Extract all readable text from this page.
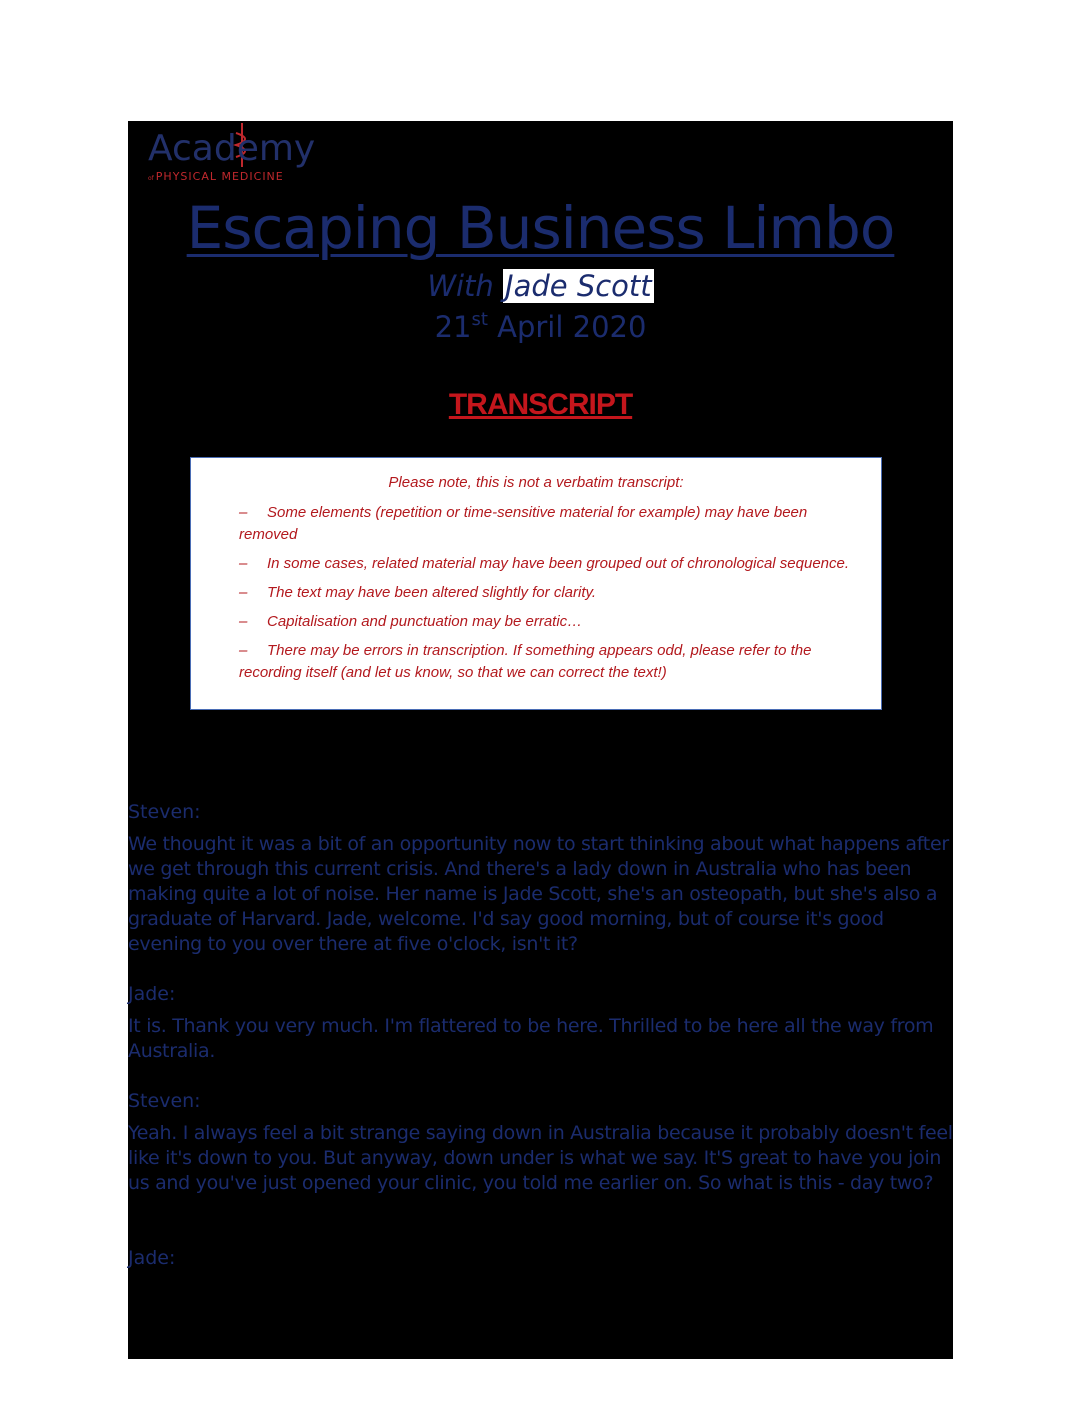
Academy
of PHYSICAL MEDICINE
Escaping Business Limbo
With Jade Scott
21st April 2020
TRANSCRIPT
Please note, this is not a verbatim transcript:
– Some elements (repetition or time-sensitive material for example) may have been removed
– In some cases, related material may have been grouped out of chronological sequence.
– The text may have been altered slightly for clarity.
– Capitalisation and punctuation may be erratic…
– There may be errors in transcription. If something appears odd, please refer to the recording itself (and let us know, so that we can correct the text!)
Steven:
We thought it was a bit of an opportunity now to start thinking about what happens after we get through this current crisis. And there's a lady down in Australia who has been making quite a lot of noise. Her name is Jade Scott, she's an osteopath, but she's also a graduate of Harvard. Jade, welcome. I'd say good morning, but of course it's good evening to you over there at five o'clock, isn't it?
Jade:
It is. Thank you very much. I'm flattered to be here. Thrilled to be here all the way from Australia.
Steven:
Yeah. I always feel a bit strange saying down in Australia because it probably doesn't feel like it's down to you. But anyway, down under is what we say. It'S great to have you join us and you've just opened your clinic, you told me earlier on. So what is this - day two?
Jade:
